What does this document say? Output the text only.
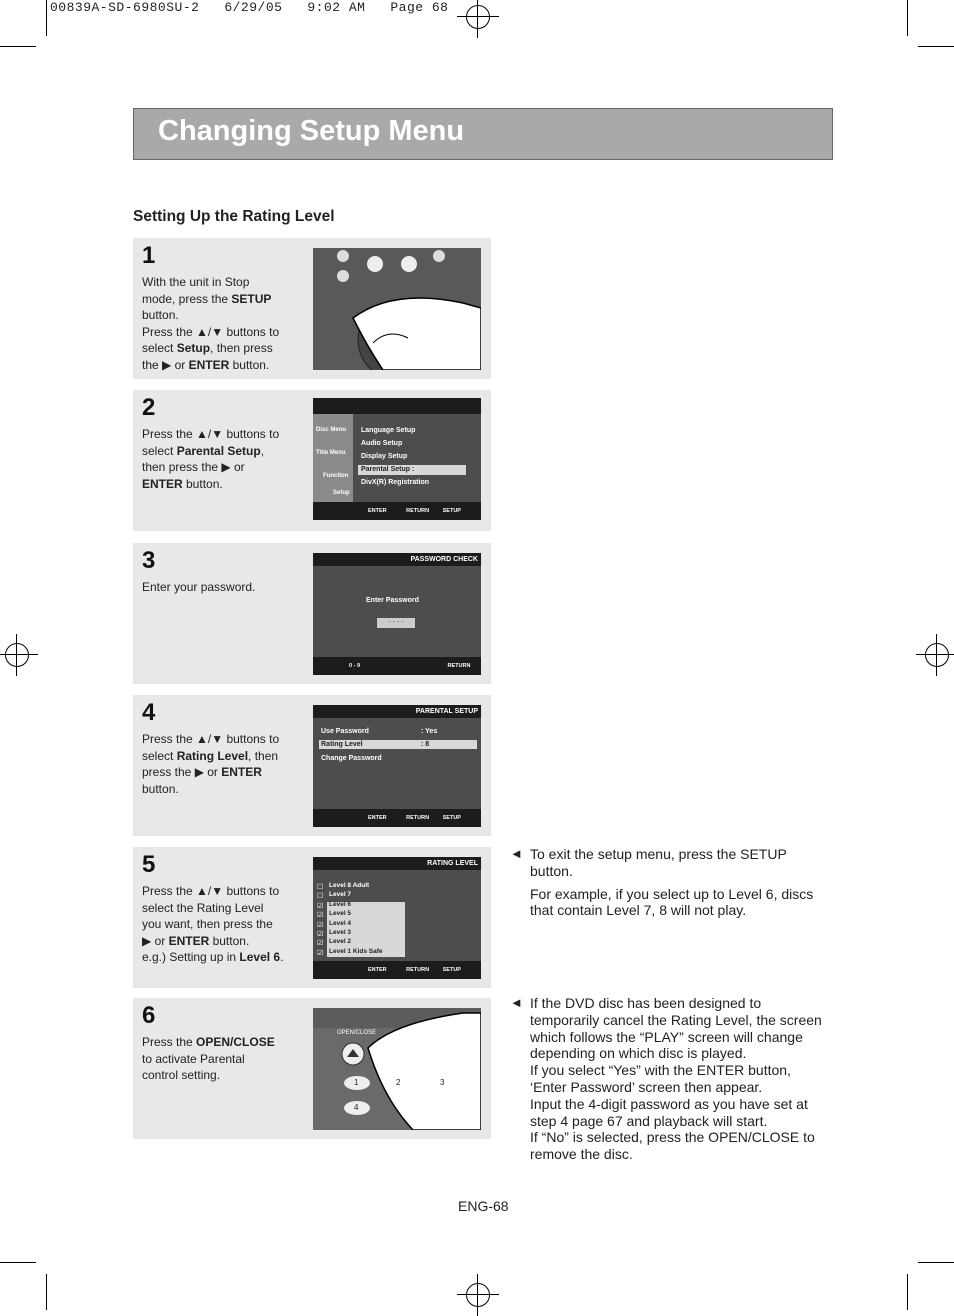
00839A-SD-6980SU-2   6/29/05   9:02 AM   Page 68
Changing Setup Menu
Setting Up the Rating Level
1
With the unit in Stop
mode, press the SETUP
button.
Press the ▲/▼ buttons to
select Setup, then press
the ▶ or ENTER button.
2
Press the ▲/▼ buttons to
select Parental Setup,
then press the ▶ or
ENTER button.
Disc Menu
Title Menu
Function
Setup
Language Setup
Audio Setup
Display Setup
Parental Setup :
DivX(R) Registration
ENTER	RETURN SETUP
3
Enter your password.
PASSWORD CHECK
Enter Password
- - - -
0 - 9	RETURN
4
Press the ▲/▼ buttons to
select Rating Level, then
press the ▶ or ENTER
button.
PARENTAL SETUP
Use Password	: Yes
Rating Level	: 8
Change Password
ENTER	RETURN SETUP
5
Press the ▲/▼ buttons to
select the Rating Level
you want, then press the
▶ or ENTER button.
e.g.) Setting up in Level 6.
RATING LEVEL
Level 8 Adult
Level 7
Level 6
Level 5
Level 4
Level 3
Level 2
Level 1 Kids Safe
☐
☐
☑
☑
☑
☑
☑
☑
ENTER	RETURN SETUP
6
Press the OPEN/CLOSE
to activate Parental
control setting.
OPEN/CLOSE
1	2	3
4
◄ To exit the setup menu, press the SETUP
button.
For example, if you select up to Level 6, discs
that contain Level 7, 8 will not play.
◄ If the DVD disc has been designed to
temporarily cancel the Rating Level, the screen
which follows the “PLAY” screen will change
depending on which disc is played.
If you select “Yes” with the ENTER button,
‘Enter Password’ screen then appear.
Input the 4-digit password as you have set at
step 4 page 67 and playback will start.
If “No” is selected, press the OPEN/CLOSE to
remove the disc.
ENG-68
